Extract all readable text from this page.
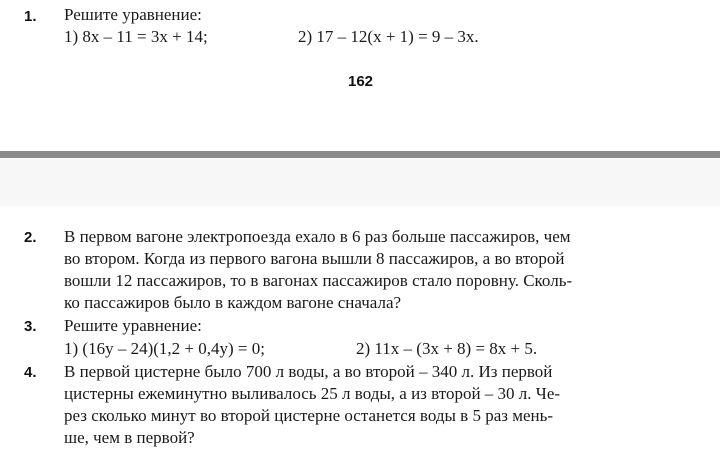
1. Решите уравнение:
1) 8x – 11 = 3x + 14;	2) 17 – 12(x + 1) = 9 – 3x.
162
2. В первом вагоне электропоезда ехало в 6 раз больше пассажиров, чем
во втором. Когда из первого вагона вышли 8 пассажиров, а во второй
вошли 12 пассажиров, то в вагонах пассажиров стало поровну. Сколь-
ко пассажиров было в каждом вагоне сначала?
3. Решите уравнение:
1) (16y – 24)(1,2 + 0,4y) = 0;	2) 11x – (3x + 8) = 8x + 5.
4. В первой цистерне было 700 л воды, а во второй – 340 л. Из первой
цистерны ежеминутно выливалось 25 л воды, а из второй – 30 л. Че-
рез сколько минут во второй цистерне останется воды в 5 раз мень-
ше, чем в первой?
